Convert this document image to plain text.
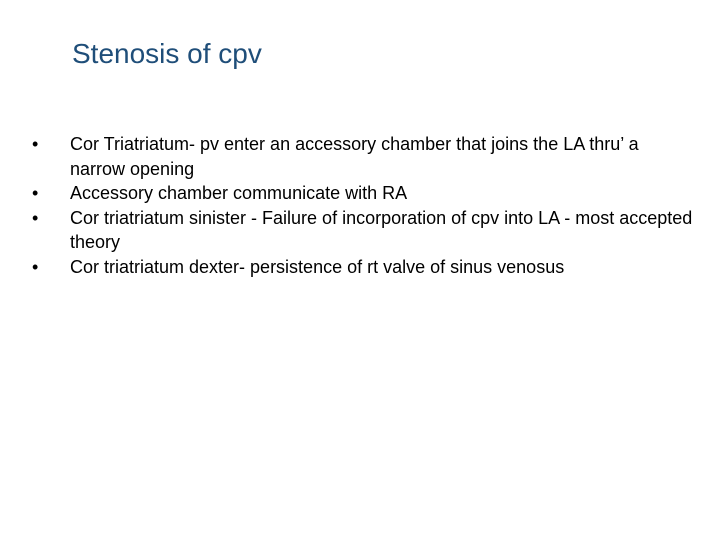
Stenosis of cpv
•	Cor Triatriatum- pv enter an accessory chamber that joins the LA thru’ a narrow opening
•	Accessory chamber communicate with RA
•	Cor triatriatum sinister - Failure of incorporation of cpv into LA - most accepted theory
•	Cor triatriatum dexter- persistence of rt valve of sinus venosus
